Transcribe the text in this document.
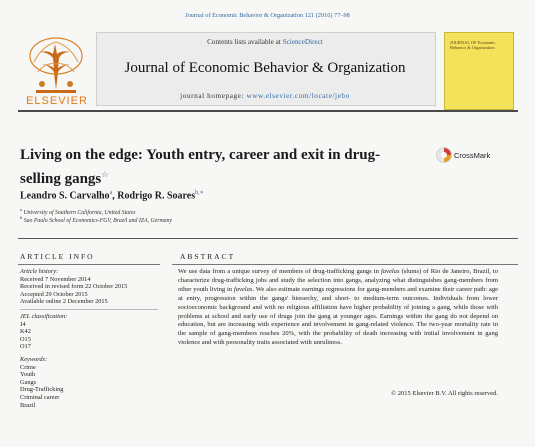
Journal of Economic Behavior & Organization 121 (2016) 77–98
Contents lists available at ScienceDirect
Journal of Economic Behavior & Organization
journal homepage: www.elsevier.com/locate/jebo
ELSEVIER
JOURNAL OF Economic Behavior & Organization
Living on the edge: Youth entry, career and exit in drug-selling gangs☆
CrossMark
Leandro S. Carvalho$^a$, Rodrigo R. Soares$^{b,∗}$
$^a$ University of Southern California, United States
$^b$ Sao Paulo School of Economics-FGV, Brazil and IZA, Germany
ARTICLE INFO	ABSTRACT
Article history:
Received 7 November 2014
Received in revised form 22 October 2015
Accepted 29 October 2015
Available online 2 December 2015
JEL classification:
J4
K42
O15
O17
Keywords:
Crime
Youth
Gangs
Drug-Trafficking
Criminal career
Brazil
We use data from a unique survey of members of drug-trafficking gangs in favelas (slums) of Rio de Janeiro, Brazil, to characterize drug-trafficking jobs and study the selection into gangs, analyzing what distinguishes gang-members from other youth living in favelas. We also estimate earnings regressions for gang-members and examine their career path: age at entry, progression within the gangs' hierarchy, and short- to medium-term outcomes. Individuals from lower socioeconomic background and with no religious affiliation have higher probability of joining a gang, while those with problems at school and early use of drugs join the gang at younger ages. Earnings within the gang do not depend on education, but are increasing with experience and involvement in gang-related violence. The two-year mortality rate in the sample of gang-members reaches 20%, with the probability of death increasing with initial involvement in gang violence and with personality traits associated with unruliness.
© 2015 Elsevier B.V. All rights reserved.
